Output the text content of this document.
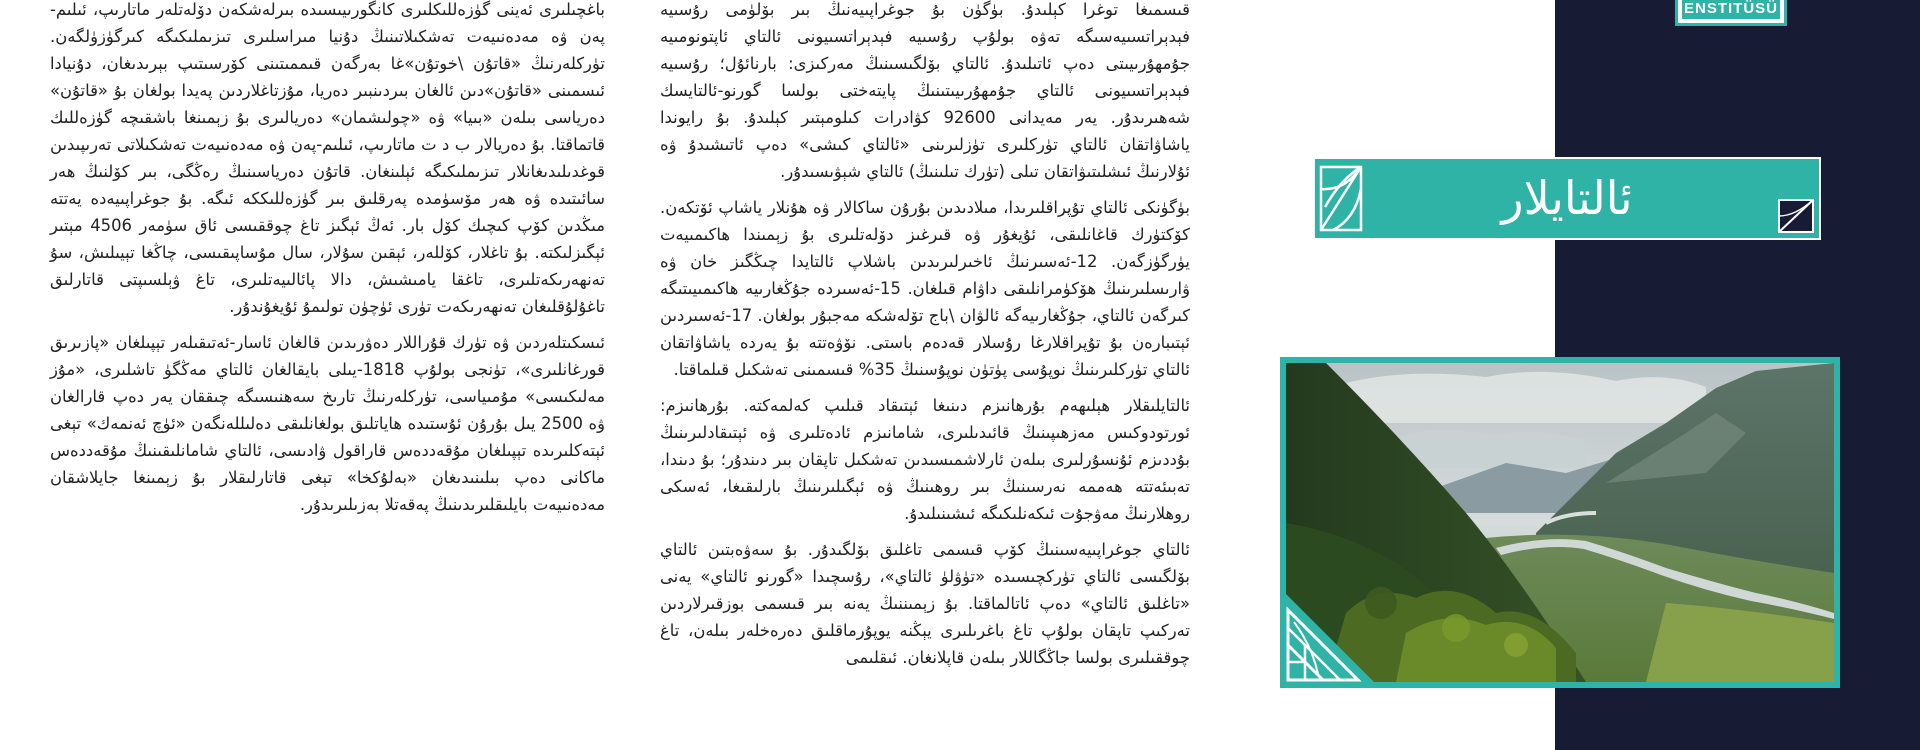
قىسمىغا توغرا كېلىدۇ. بۈگۈن بۇ جوغراپىيەنىڭ بىر بۆلۈمى رۇسىيە فېدېراتسىيەسىگە تەۋە بولۇپ رۇسىيە فېدېراتسىيونى ئالتاي ئاپتونومىيە جۇمھۇرىيىتى دەپ ئاتىلىدۇ. ئالتاي بۆلگىسىنىڭ مەركىزى: بارنائۇل؛ رۇسىيە فېدېراتسىيونى ئالتاي جۇمھۇرىيىتىنىڭ پايتەختى بولسا گورنو-ئالتايسك شەھىرىدۇر. يەر مەيدانى 92600 كۋادرات كىلومېتىر كېلىدۇ. بۇ رايوندا ياشاۋاتقان ئالتاي تۈركلىرى تۈزلىرىنى «ئالتاي كىشى» دەپ ئاتىشىدۇ ۋە ئۇلارنىڭ ئىشلىتىۋاتقان تىلى (تۈرك تىلىنىڭ) ئالتاي شېۋىسىدۇر.

بۈگۈنكى ئالتاي تۇپراقلىرىدا، مىلادىدىن بۇرۇن ساكالار ۋە ھۇنلار ياشاپ ئۆتكەن. كۆكتۈرك قاغانلىقى، ئۇيغۇر ۋە قىرغىز دۆلەتلىرى بۇ زېمىندا ھاكىمىيەت يۈرگۈزگەن. 12-ئەسىرنىڭ ئاخىرلىرىدىن باشلاپ ئالتايدا چىڭگىز خان ۋە ۋارىسلىرىنىڭ ھۆكۈمرانلىقى داۋام قىلغان. 15-ئەسىردە جۇڭغارىيە ھاكىمىيىتىگە كىرگەن ئالتاي، جۇڭغارىيەگە ئالۋان \باج تۆلەشكە مەجبۇر بولغان. 17-ئەسىردىن ئېتىبارەن بۇ تۇپراقلارغا رۇسلار قەدەم باستى. نۆۋەتتە بۇ يەردە ياشاۋاتقان ئالتاي تۈركلىرىنىڭ نوپۇسى پۈتۈن نوپۇسنىڭ 35% قىسمىنى تەشكىل قىلماقتا.

ئالتايلىقلار ھېلىھەم بۇرھانىزم دىنىغا ئېتىقاد قىلىپ كەلمەكتە. بۇرھانىزم: ئورتودوكىس مەزھىپىنىڭ قائىدىلىرى، شامانىزم ئادەتلىرى ۋە ئېتىقادلىرىنىڭ بۇددىزم ئۇنسۇرلىرى بىلەن ئارلاشمىسىدىن تەشكىل تاپقان بىر دىندۇر؛ بۇ دىندا، تەبىئەتتە ھەممە نەرسىنىڭ بىر روھىنىڭ ۋە ئېگىلىرىنىڭ بارلىقىغا، ئەسكى روھلارنىڭ مەۋجۇت ئىكەنلىكىگە ئىشىنىلىدۇ.

ئالتاي جوغراپىيەسىنىڭ كۆپ قىسمى تاغلىق بۆلگىدۇر. بۇ سەۋەبتىن ئالتاي بۆلگىسى ئالتاي تۈركچىسىدە «تۈۋلۈ ئالتاي»، رۇسچىدا «گورنو ئالتاي» يەنى «تاغلىق ئالتاي» دەپ ئاتالماقتا. بۇ زېمىننىڭ يەنە بىر قىسمى بوزقىرلاردىن تەركىپ تاپقان بولۇپ تاغ باغرىلىرى يېڭنە يوپۇرماقلىق دەرەخلەر بىلەن، تاغ چوققىلىرى بولسا جاڭگاللار بىلەن قاپلانغان. ئىقلىمى

باغچىلىرى ئەينى گۈزەللىكلىرى كانگورىيىسىدە بىرلەشكەن دۆلەتلەر ماتارىپ، ئىلىم-پەن ۋە مەدەنىيەت تەشكىلاتىنىڭ دۇنيا مىراسلىرى تىزىملىكىگە كىرگۈزۈلگەن. تۈركلەرنىڭ «قاتۇن \خوتۇن»غا بەرگەن قىممىتىنى كۆرسىتىپ بېرىدىغان، دۇنيادا ئىسمىنى «قاتۇن»دىن ئالغان بىردىنبىر دەريا، مۇزتاغلاردىن پەيدا بولغان بۇ «قاتۇن» دەرياسى بىلەن «بىيا» ۋە «چولىشمان» دەريالىرى بۇ زېمىنغا باشقىچە گۈزەللىك قاتماقتا. بۇ دەريالار ب د ت ماتارىپ، ئىلىم-پەن ۋە مەدەنىيەت تەشكىلاتى تەرىپىدىن قوغدىلىدىغانلار تىزىملىكىگە ئېلىنغان. قاتۇن دەرياسىنىڭ رەڭگى، بىر كۆلنىڭ ھەر سائىتىدە ۋە ھەر مۆسۈمدە پەرقلىق بىر گۈزەللىككە ئىگە. بۇ جوغراپىيەدە يەتتە مىڭدىن كۆپ كىچىك كۆل بار. ئەڭ ئېگىز تاغ چوققىسى ئاق سۈمەر 4506 مېتىر ئېگىزلىكتە. بۇ تاغلار، كۆللەر، ئېقىن سۇلار، سال مۇساپىقىسى، چاڭغا تېيىلىش، سۇ تەنھەرىكەتلىرى، تاغقا يامىشىش، دالا پائالىيەتلىرى، تاغ ۋېلسىپتى قاتارلىق تاغۇلۇقلىغان تەنھەرىكەت تۈرى ئۈچۈن تولىمۇ ئۇيغۇندۇر.

ئىسكىتلەردىن ۋە تۈرك قۇراللار دەۋرىدىن قالغان ئاسار-ئەتىقىلەر تېپىلغان «پازىرىق قورغانلىرى»، تۈنجى بولۇپ 1818-يىلى بايقالغان ئالتاي مەڭگۈ تاشلىرى، «مۇز مەلىكىسى» مۇمىياسى، تۈركلەرنىڭ تارىخ سەھنىسىگە چىققان يەر دەپ قارالغان ۋە 2500 يىل بۇرۇن ئۇستىدە ھاياتلىق بولغانلىقى دەلىللەنگەن «ئۈچ ئەنمەك» تېغى ئېتەكلىرىدە تېپىلغان مۇقەددەس قاراقول ۋادىسى، ئالتاي شامانلىقىنىڭ مۇقەددەس ماكانى دەپ بىلىنىدىغان «بەلۇكخا» تېغى قاتارلىقلار بۇ زېمىنغا جايلاشقان مەدەنىيەت بايلىقلىرىدىنىڭ پەقەتلا بەزىلىرىدۇر.

ENSTITÜSÜ
ئالتايلار
